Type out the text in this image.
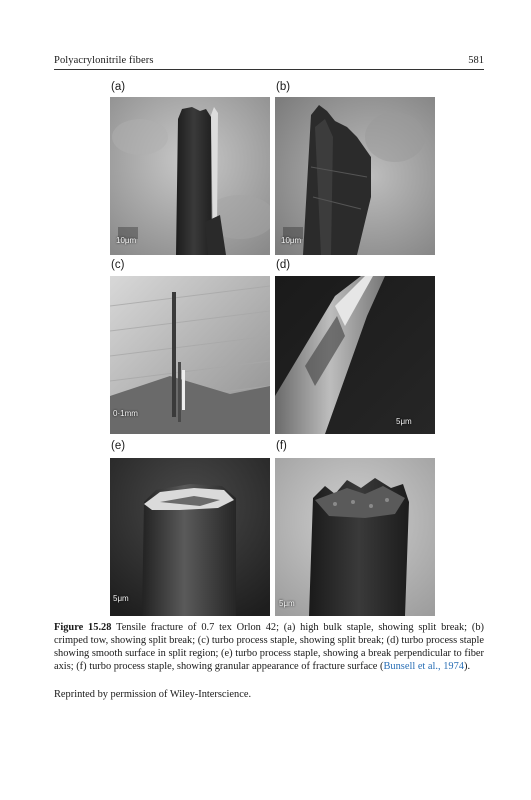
Polyacrylonitrile fibers	581
(a)	(b)
(c)	(d)
(e)	(f)
10μm	10μm
0·1mm
5μm
5μm
5μm
Figure 15.28 Tensile fracture of 0.7 tex Orlon 42; (a) high bulk staple, showing split break; (b) crimped tow, showing split break; (c) turbo process staple, showing split break; (d) turbo process staple showing smooth surface in split region; (e) turbo process staple, showing a break perpendicular to fiber axis; (f) turbo process staple, showing granular appearance of fracture surface (Bunsell et al., 1974).
Reprinted by permission of Wiley-Interscience.
